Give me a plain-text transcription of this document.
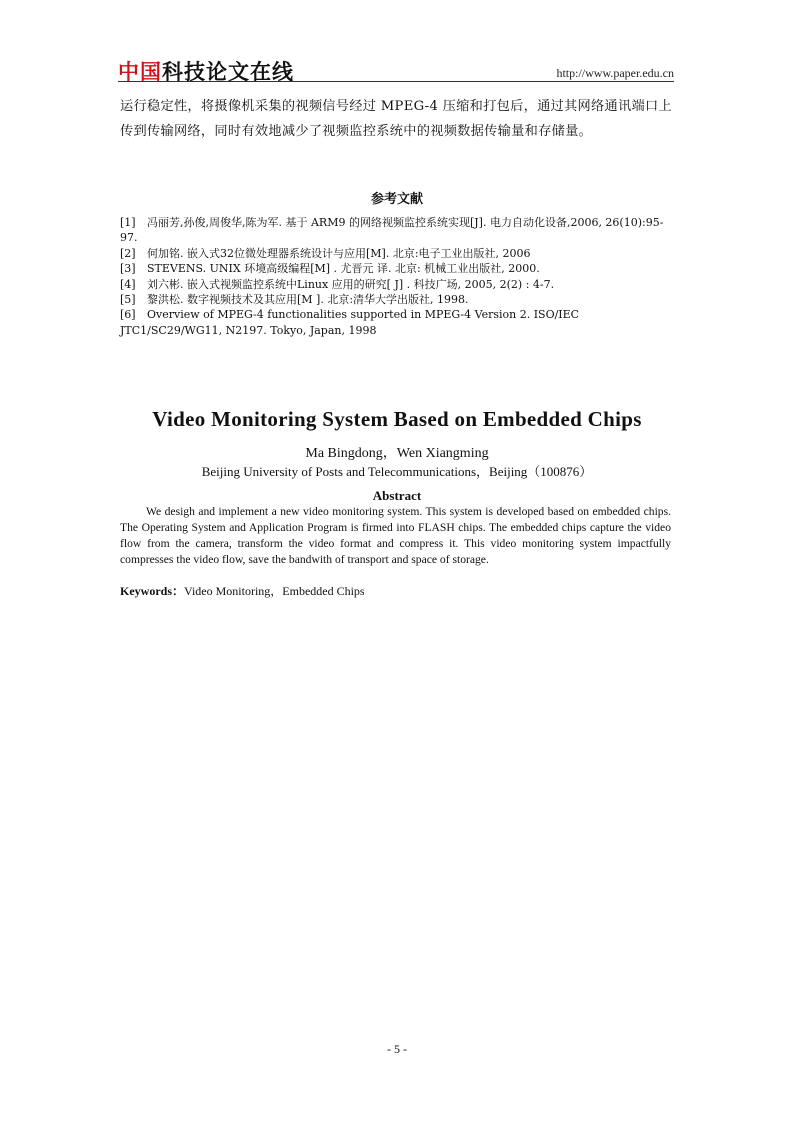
中国科技论文在线	http://www.paper.edu.cn
运行稳定性，将摄像机采集的视频信号经过 MPEG-4 压缩和打包后，通过其网络通讯端口上传到传输网络，同时有效地减少了视频监控系统中的视频数据传输量和存储量。
参考文献

[1] 冯丽芳,孙俊,周俊华,陈为军. 基于 ARM9 的网络视频监控系统实现[J]. 电力自动化设备,2006, 26(10):95-97.

[2] 何加铭. 嵌入式32位微处理器系统设计与应用[M]. 北京:电子工业出版社, 2006

[3] STEVENS. UNIX 环境高级编程[M] . 尤晋元 译. 北京: 机械工业出版社, 2000.

[4] 刘六彬. 嵌入式视频监控系统中Linux 应用的研究[ J] . 科技广场, 2005, 2(2) : 4-7.

[5] 黎洪松. 数字视频技术及其应用[M ]. 北京:清华大学出版社, 1998.

[6] Overview of MPEG-4 functionalities supported in MPEG-4 Version 2. ISO/IEC JTC1/SC29/WG11, N2197. Tokyo, Japan, 1998

Video Monitoring System Based on Embedded Chips
Ma Bingdong，Wen Xiangming
Beijing University of Posts and Telecommunications，Beijing（100876）
Abstract
We desigh and implement a new video monitoring system. This system is developed based on embedded chips. The Operating System and Application Program is firmed into FLASH chips. The embedded chips capture the video flow from the camera, transform the video format and compress it. This video monitoring system impactfully compresses the video flow, save the bandwith of transport and space of storage.
Keywords：Video Monitoring，Embedded Chips
- 5 -
